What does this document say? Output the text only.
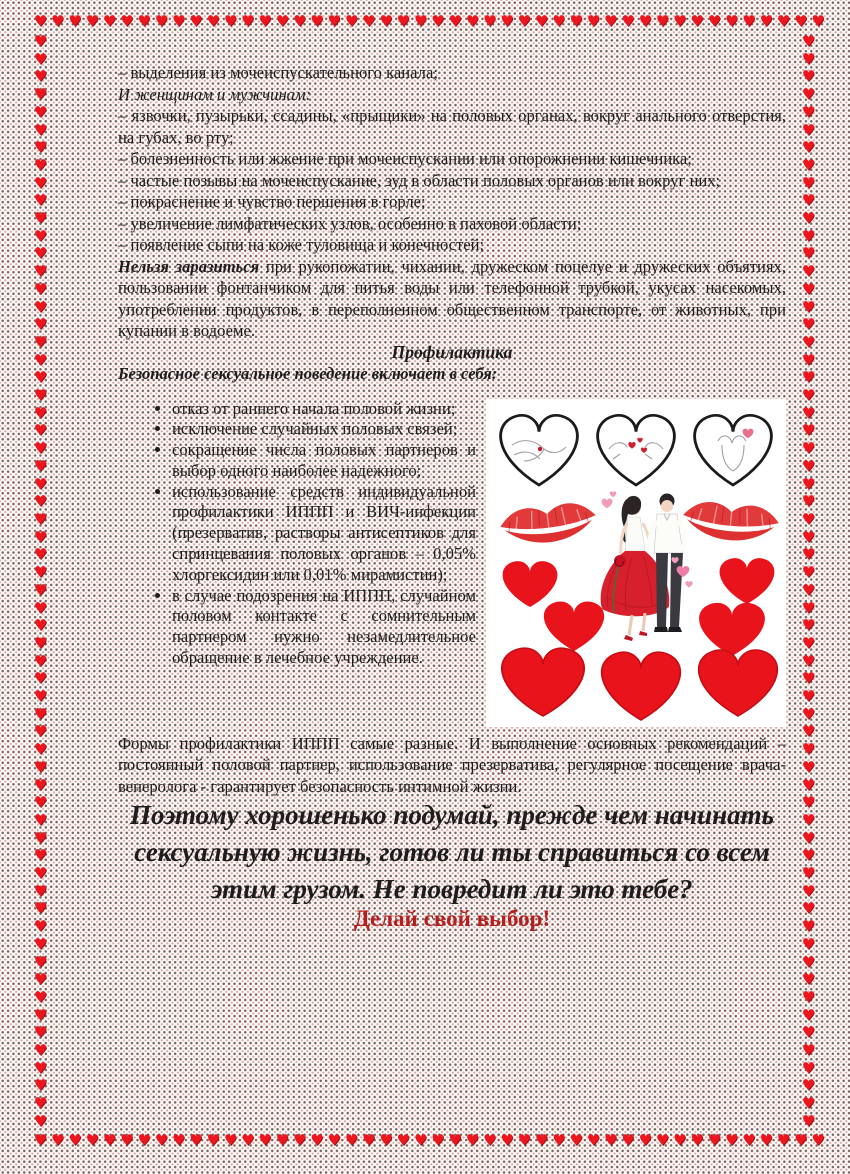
♥ ♥ ♥ ♥ ♥ ♥ ♥ ♥ ♥ ♥ ♥ ♥ ♥ ♥ ♥ ♥ ♥ ♥ ♥ ♥ ♥ ♥ ♥ ♥ ♥ ♥ ♥ ♥ ♥ ♥ ♥ ♥ ♥ ♥ ♥ ♥ ♥ ♥ ♥ ♥ ♥ ♥ ♥ ♥ ♥ ♥
♥ ♥ ♥ ♥ ♥ ♥ ♥ ♥ ♥ ♥ ♥ ♥ ♥ ♥ ♥ ♥ ♥ ♥ ♥ ♥ ♥ ♥ ♥ ♥ ♥ ♥ ♥ ♥ ♥ ♥ ♥ ♥ ♥ ♥ ♥ ♥ ♥ ♥ ♥ ♥ ♥ ♥ ♥ ♥ ♥ ♥
♥
♥
♥
♥
♥
♥
♥
♥
♥
♥
♥
♥
♥
♥
♥
♥
♥
♥
♥
♥
♥
♥
♥
♥
♥
♥
♥
♥
♥
♥
♥
♥
♥
♥
♥
♥
♥
♥
♥
♥
♥
♥
♥
♥
♥
♥
♥
♥
♥
♥
♥
♥
♥
♥
♥
♥
♥
♥
♥
♥
♥
♥
♥
♥
♥
♥
♥
♥
♥
♥
♥
♥
♥
♥
♥
♥
♥
♥
♥
♥
♥
♥
♥
♥
♥
♥
♥
♥
♥
♥
♥
♥
♥
♥
♥
♥
♥
♥
♥
♥
♥
♥
♥
♥
♥
♥
♥
♥
♥
♥
♥
♥
♥
♥
♥
♥
♥
♥
♥
♥
♥
♥
♥
♥

– выделения из мочеиспускательного канала;

И женщинам и мужчинам:

– язвочки, пузырьки, ссадины, «прыщики» на половых органах, вокруг анального отверстия, на губах, во рту;

– болезненность или жжение при мочеиспускании или опорожнении кишечника;

– частые позывы на мочеиспускание, зуд в области половых органов или вокруг них;

– покраснение и чувство першения в горле;

– увеличение лимфатических узлов, особенно в паховой области;

– появление сыпи на коже туловища и конечностей;

Нельзя заразиться при рукопожатии, чихании, дружеском поцелуе и дружеских объятиях, пользовании фонтанчиком для питья воды или телефонной трубкой, укусах насекомых, употреблении продуктов, в переполненном общественном транспорте, от животных, при купании в водоеме.

Профилактика

Безопасное сексуальное поведение включает в себя:

• отказ от раннего начала половой жизни;
• исключение случайных половых связей;
• сокращение числа половых партнеров и выбор одного наиболее надежного;
• использование средств индивидуальной профилактики ИППП и ВИЧ-инфекции (презерватив, растворы антисептиков для спринцевания половых органов – 0,05% хлоргексидин или 0,01% мирамистин);
• в случае подозрения на ИППП, случайном половом контакте с сомнительным партнером нужно незамедлительное обращение в лечебное учреждение.

Формы профилактики ИППП самые разные. И выполнение основных рекомендаций – постоянный половой партнер, использование презерватива, регулярное посещение врача-венеролога - гарантирует безопасность интимной жизни.

Поэтому хорошенько подумай, прежде чем начинать сексуальную жизнь, готов ли ты справиться со всем этим грузом. Не повредит ли это тебе?

Делай свой выбор!
